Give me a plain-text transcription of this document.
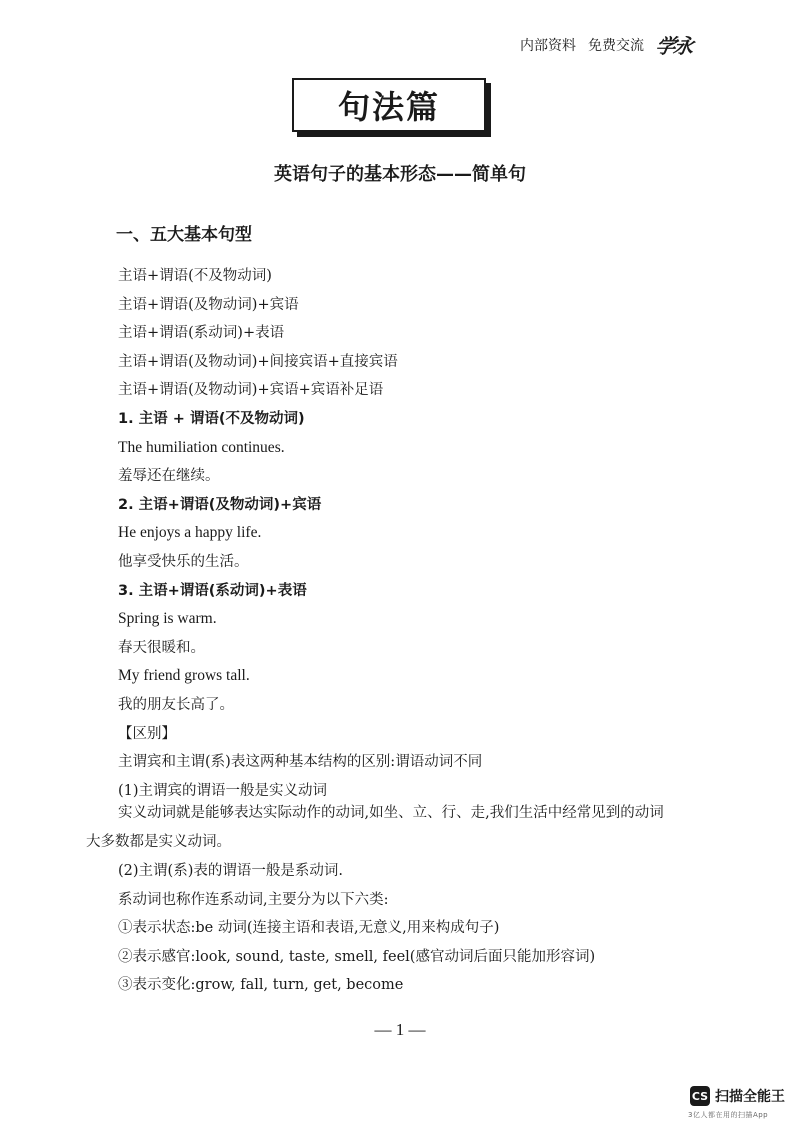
内部资料 免费交流 学永
句法篇
英语句子的基本形态——简单句
一、五大基本句型
主语+谓语(不及物动词)
主语+谓语(及物动词)+宾语
主语+谓语(系动词)+表语
主语+谓语(及物动词)+间接宾语+直接宾语
主语+谓语(及物动词)+宾语+宾语补足语
1. 主语 + 谓语(不及物动词)
The humiliation continues.
羞辱还在继续。
2. 主语+谓语(及物动词)+宾语
He enjoys a happy life.
他享受快乐的生活。
3. 主语+谓语(系动词)+表语
Spring is warm.
春天很暖和。
My friend grows tall.
我的朋友长高了。
【区别】
主谓宾和主谓(系)表这两种基本结构的区别:谓语动词不同
(1)主谓宾的谓语一般是实义动词

实义动词就是能够表达实际动作的动词,如坐、立、行、走,我们生活中经常见到的动词
大多数都是实义动词。

(2)主谓(系)表的谓语一般是系动词.
系动词也称作连系动词,主要分为以下六类:
①表示状态:be 动词(连接主语和表语,无意义,用来构成句子)
②表示感官:look, sound, taste, smell, feel(感官动词后面只能加形容词)
③表示变化:grow, fall, turn, get, become
— 1 —
CS 扫描全能王
3亿人都在用的扫描App
